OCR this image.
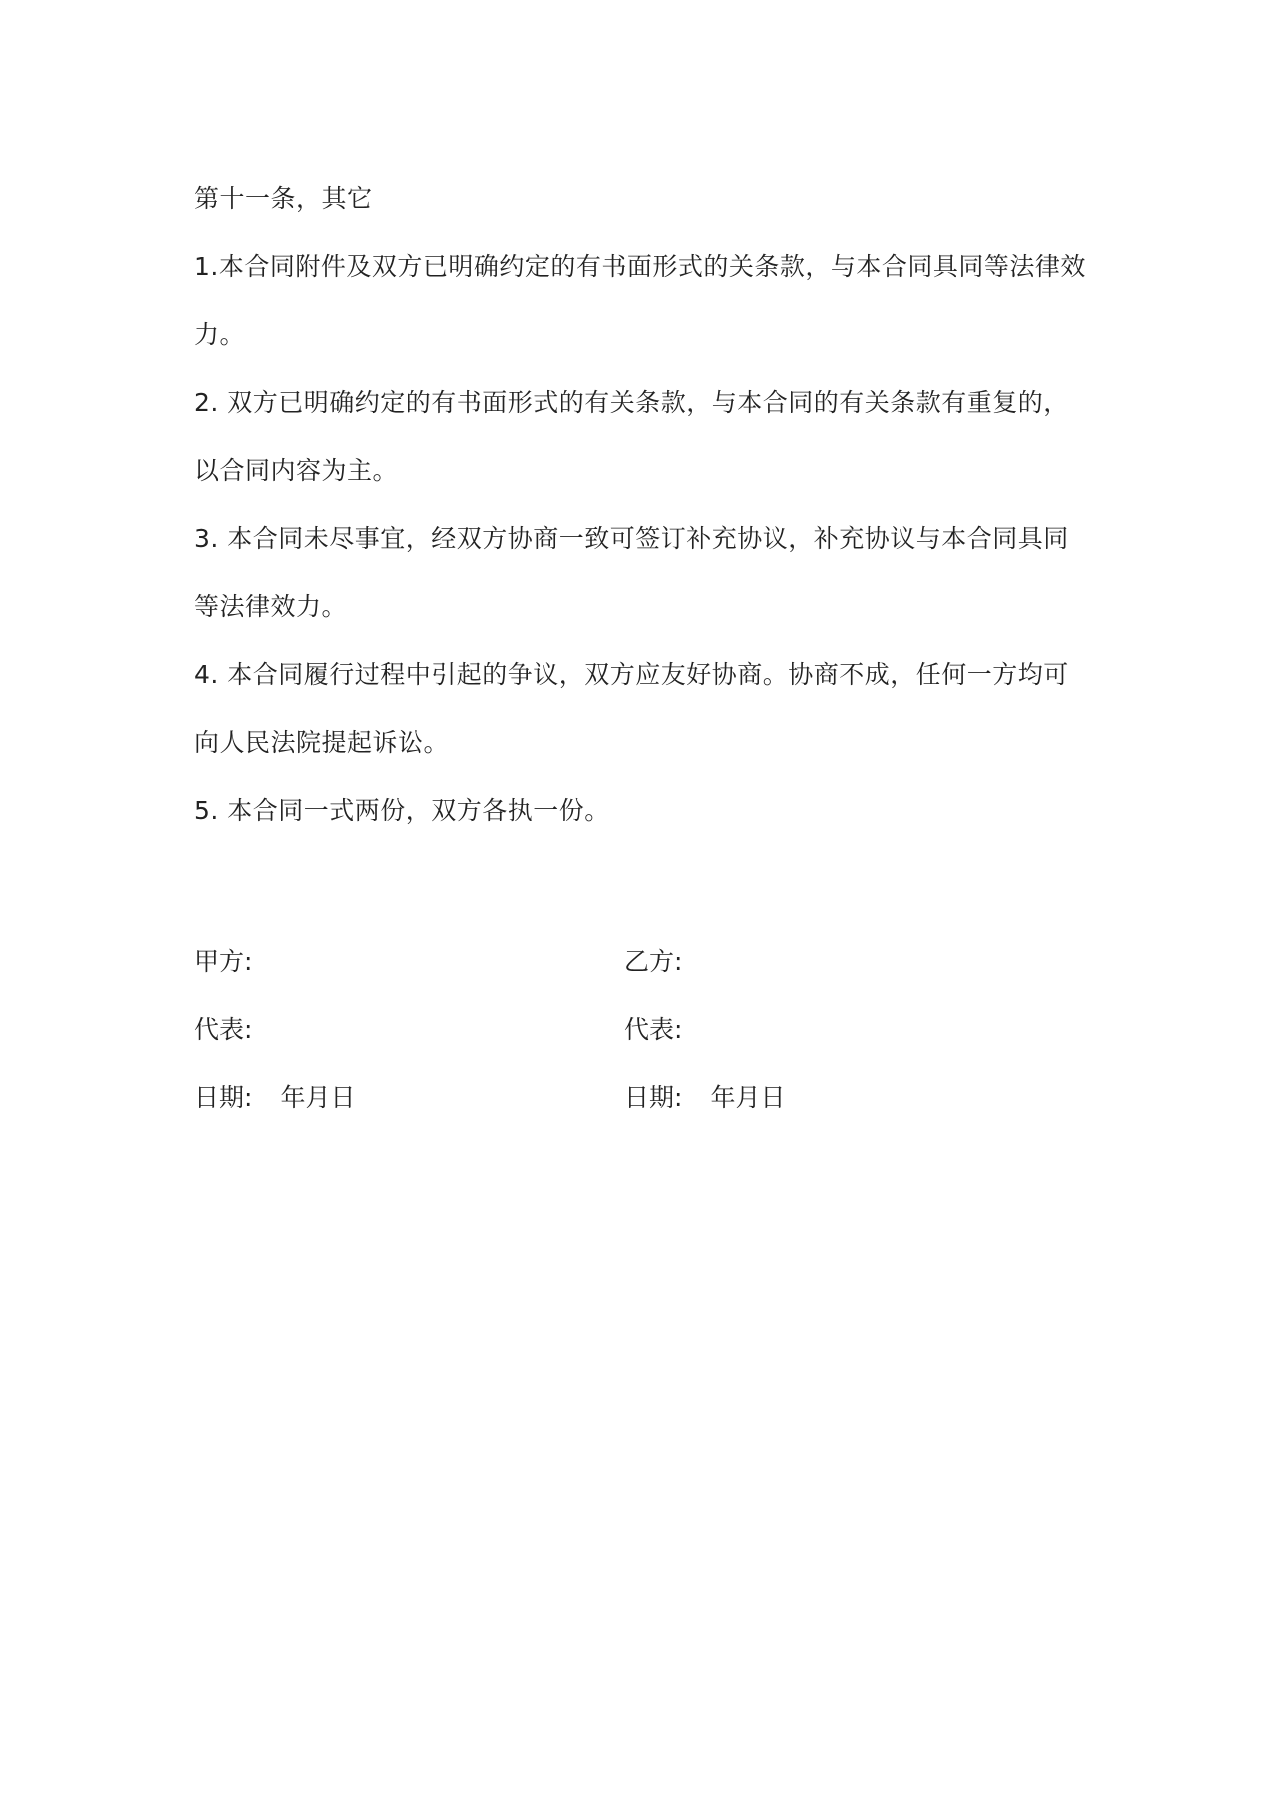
第十一条，其它
1.本合同附件及双方已明确约定的有书面形式的关条款，与本合同具同等法律效
力。
2. 双方已明确约定的有书面形式的有关条款，与本合同的有关条款有重复的，
以合同内容为主。
3. 本合同未尽事宜，经双方协商一致可签订补充协议，补充协议与本合同具同
等法律效力。
4. 本合同履行过程中引起的争议，双方应友好协商。协商不成，任何一方均可
向人民法院提起诉讼。
5. 本合同一式两份，双方各执一份。
甲方:	乙方:
代表:	代表:
日期: 年月日	日期: 年月日
